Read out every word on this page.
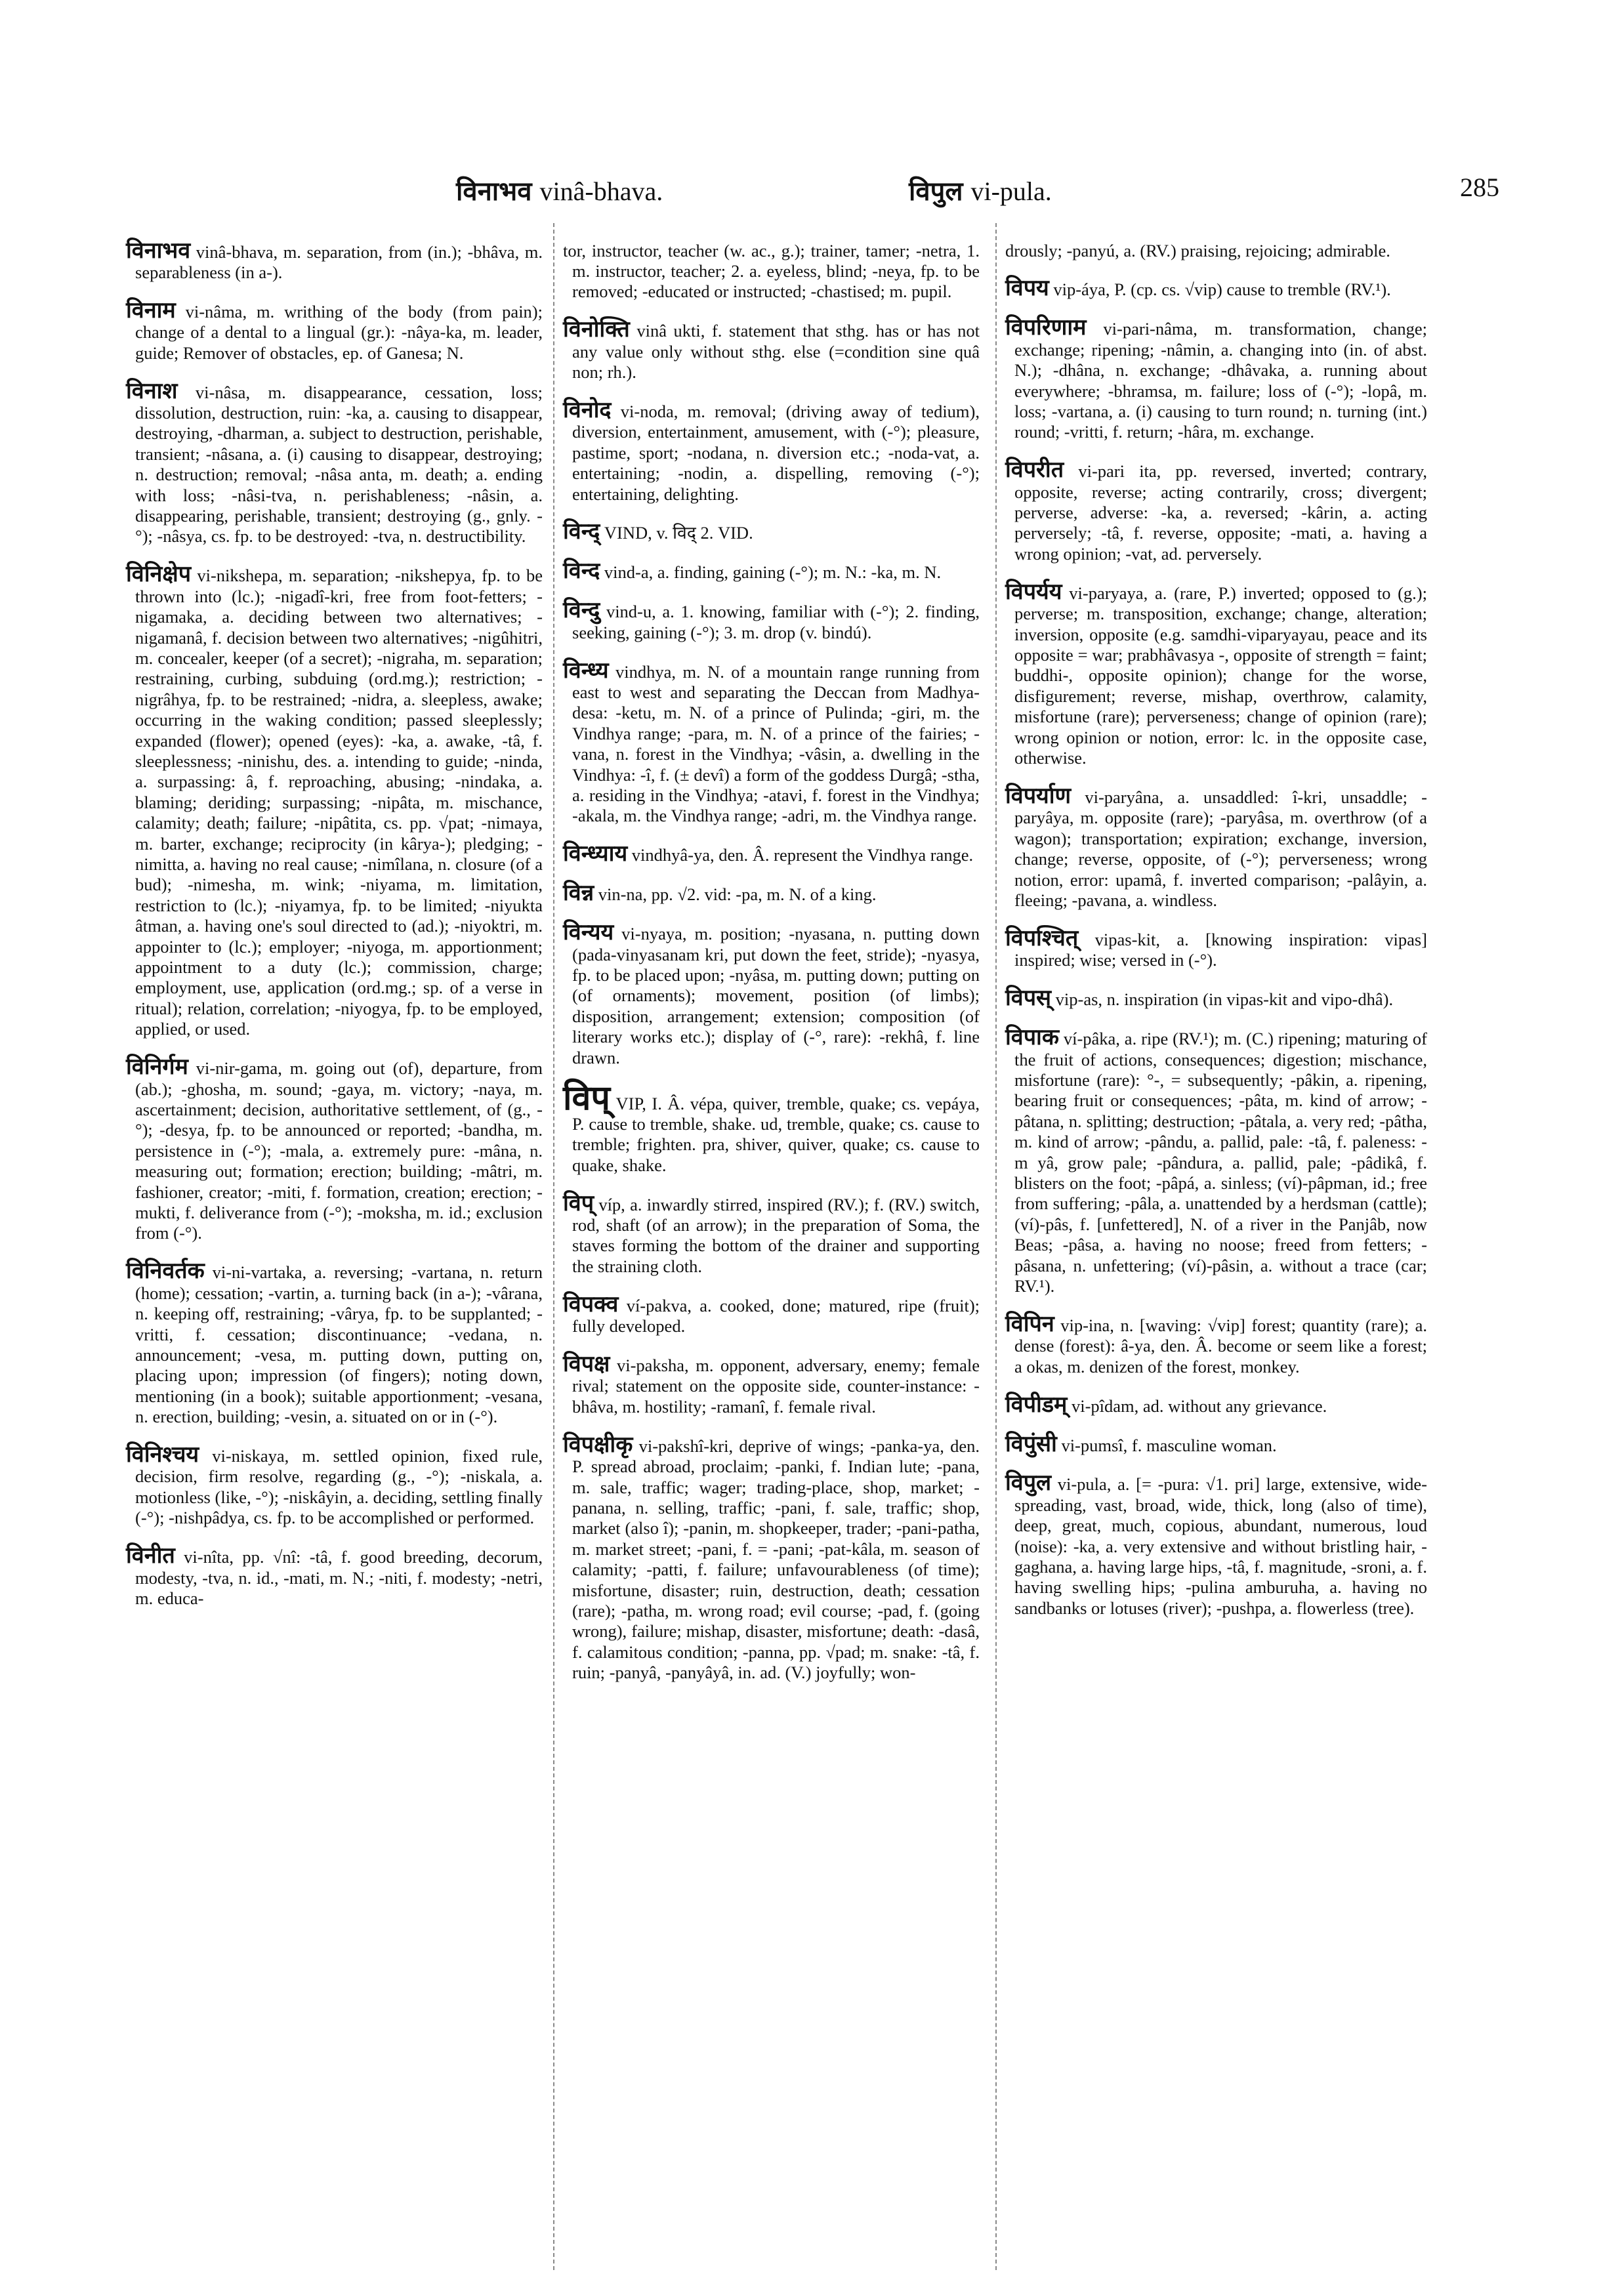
विनाभव vinâ-bhava.	विपुल vi-pula.	285

विनाभव vinâ-bhava, m. separation, from (in.); -bhâva, m. separableness (in a-).

विनाम vi-nâma, m. writhing of the body (from pain); change of a dental to a lingual (gr.): -nâya-ka, m. leader, guide; Remover of obstacles, ep. of Ganesa; N.

विनाश vi-nâsa, m. disappearance, cessation, loss; dissolution, destruction, ruin: -ka, a. causing to disappear, destroying, -dharman, a. subject to destruction, perishable, transient; -nâsana, a. (i) causing to disappear, destroying; n. destruction; removal; -nâsa anta, m. death; a. ending with loss; -nâsi-tva, n. perishableness; -nâsin, a. disappearing, perishable, transient; destroying (g., gnly. -°); -nâsya, cs. fp. to be destroyed: -tva, n. destructibility.

विनिक्षेप vi-nikshepa, m. separation; -nikshepya, fp. to be thrown into (lc.); -nigadî-kri, free from foot-fetters; -nigamaka, a. deciding between two alternatives; -nigamanâ, f. decision between two alternatives; -nigûhitri, m. concealer, keeper (of a secret); -nigraha, m. separation; restraining, curbing, subduing (ord.mg.); restriction; -nigrâhya, fp. to be restrained; -nidra, a. sleepless, awake; occurring in the waking condition; passed sleeplessly; expanded (flower); opened (eyes): -ka, a. awake, -tâ, f. sleeplessness; -ninishu, des. a. intending to guide; -ninda, a. surpassing: â, f. reproaching, abusing; -nindaka, a. blaming; deriding; surpassing; -nipâta, m. mischance, calamity; death; failure; -nipâtita, cs. pp. √pat; -nimaya, m. barter, exchange; reciprocity (in kârya-); pledging; -nimitta, a. having no real cause; -nimîlana, n. closure (of a bud); -nimesha, m. wink; -niyama, m. limitation, restriction to (lc.); -niyamya, fp. to be limited; -niyukta âtman, a. having one's soul directed to (ad.); -niyoktri, m. appointer to (lc.); employer; -niyoga, m. apportionment; appointment to a duty (lc.); commission, charge; employment, use, application (ord.mg.; sp. of a verse in ritual); relation, correlation; -niyogya, fp. to be employed, applied, or used.

विनिर्गम vi-nir-gama, m. going out (of), departure, from (ab.); -ghosha, m. sound; -gaya, m. victory; -naya, m. ascertainment; decision, authoritative settlement, of (g., -°); -desya, fp. to be announced or reported; -bandha, m. persistence in (-°); -mala, a. extremely pure: -mâna, n. measuring out; formation; erection; building; -mâtri, m. fashioner, creator; -miti, f. formation, creation; erection; -mukti, f. deliverance from (-°); -moksha, m. id.; exclusion from (-°).

विनिवर्तक vi-ni-vartaka, a. reversing; -vartana, n. return (home); cessation; -vartin, a. turning back (in a-); -vârana, n. keeping off, restraining; -vârya, fp. to be supplanted; -vritti, f. cessation; discontinuance; -vedana, n. announcement; -vesa, m. putting down, putting on, placing upon; impression (of fingers); noting down, mentioning (in a book); suitable apportionment; -vesana, n. erection, building; -vesin, a. situated on or in (-°).

विनिश्चय vi-niskaya, m. settled opinion, fixed rule, decision, firm resolve, regarding (g., -°); -niskala, a. motionless (like, -°); -niskâyin, a. deciding, settling finally (-°); -nishpâdya, cs. fp. to be accomplished or performed.

विनीत vi-nîta, pp. √nî: -tâ, f. good breeding, decorum, modesty, -tva, n. id., -mati, m. N.; -niti, f. modesty; -netri, m. educa-

tor, instructor, teacher (w. ac., g.); trainer, tamer; -netra, 1. m. instructor, teacher; 2. a. eyeless, blind; -neya, fp. to be removed; -educated or instructed; -chastised; m. pupil.

विनोक्ति vinâ ukti, f. statement that sthg. has or has not any value only without sthg. else (=condition sine quâ non; rh.).

विनोद vi-noda, m. removal; (driving away of tedium), diversion, entertainment, amusement, with (-°); pleasure, pastime, sport; -nodana, n. diversion etc.; -noda-vat, a. entertaining; -nodin, a. dispelling, removing (-°); entertaining, delighting.

विन्द् VIND, v. विद् 2. VID.

विन्द vind-a, a. finding, gaining (-°); m. N.: -ka, m. N.

विन्दु vind-u, a. 1. knowing, familiar with (-°); 2. finding, seeking, gaining (-°); 3. m. drop (v. bindú).

विन्ध्य vindhya, m. N. of a mountain range running from east to west and separating the Deccan from Madhya-desa: -ketu, m. N. of a prince of Pulinda; -giri, m. the Vindhya range; -para, m. N. of a prince of the fairies; -vana, n. forest in the Vindhya; -vâsin, a. dwelling in the Vindhya: -î, f. (± devî) a form of the goddess Durgâ; -stha, a. residing in the Vindhya; -atavi, f. forest in the Vindhya; -akala, m. the Vindhya range; -adri, m. the Vindhya range.

विन्ध्याय vindhyâ-ya, den. Â. represent the Vindhya range.

विन्न vin-na, pp. √2. vid: -pa, m. N. of a king.

विन्यय vi-nyaya, m. position; -nyasana, n. putting down (pada-vinyasanam kri, put down the feet, stride); -nyasya, fp. to be placed upon; -nyâsa, m. putting down; putting on (of ornaments); movement, position (of limbs); disposition, arrangement; extension; composition (of literary works etc.); display of (-°, rare): -rekhâ, f. line drawn.

विप् VIP, I. Â. vépa, quiver, tremble, quake; cs. vepáya, P. cause to tremble, shake. ud, tremble, quake; cs. cause to tremble; frighten. pra, shiver, quiver, quake; cs. cause to quake, shake.

विप् víp, a. inwardly stirred, inspired (RV.); f. (RV.) switch, rod, shaft (of an arrow); in the preparation of Soma, the staves forming the bottom of the drainer and supporting the straining cloth.

विपक्व ví-pakva, a. cooked, done; matured, ripe (fruit); fully developed.

विपक्ष vi-paksha, m. opponent, adversary, enemy; female rival; statement on the opposite side, counter-instance: -bhâva, m. hostility; -ramanî, f. female rival.

विपक्षीकृ vi-pakshî-kri, deprive of wings; -panka-ya, den. P. spread abroad, proclaim; -panki, f. Indian lute; -pana, m. sale, traffic; wager; trading-place, shop, market; -panana, n. selling, traffic; -pani, f. sale, traffic; shop, market (also î); -panin, m. shopkeeper, trader; -pani-patha, m. market street; -pani, f. = -pani; -pat-kâla, m. season of calamity; -patti, f. failure; unfavourableness (of time); misfortune, disaster; ruin, destruction, death; cessation (rare); -patha, m. wrong road; evil course; -pad, f. (going wrong), failure; mishap, disaster, misfortune; death: -dasâ, f. calamitous condition; -panna, pp. √pad; m. snake: -tâ, f. ruin; -panyâ, -panyâyâ, in. ad. (V.) joyfully; won-

drously; -panyú, a. (RV.) praising, rejoicing; admirable.

विपय vip-áya, P. (cp. cs. √vip) cause to tremble (RV.¹).

विपरिणाम vi-pari-nâma, m. transformation, change; exchange; ripening; -nâmin, a. changing into (in. of abst. N.); -dhâna, n. exchange; -dhâvaka, a. running about everywhere; -bhramsa, m. failure; loss of (-°); -lopâ, m. loss; -vartana, a. (i) causing to turn round; n. turning (int.) round; -vritti, f. return; -hâra, m. exchange.

विपरीत vi-pari ita, pp. reversed, inverted; contrary, opposite, reverse; acting contrarily, cross; divergent; perverse, adverse: -ka, a. reversed; -kârin, a. acting perversely; -tâ, f. reverse, opposite; -mati, a. having a wrong opinion; -vat, ad. perversely.

विपर्यय vi-paryaya, a. (rare, P.) inverted; opposed to (g.); perverse; m. transposition, exchange; change, alteration; inversion, opposite (e.g. samdhi-viparyayau, peace and its opposite = war; prabhâvasya -, opposite of strength = faint; buddhi-, opposite opinion); change for the worse, disfigurement; reverse, mishap, overthrow, calamity, misfortune (rare); perverseness; change of opinion (rare); wrong opinion or notion, error: lc. in the opposite case, otherwise.

विपर्याण vi-paryâna, a. unsaddled: î-kri, unsaddle; -paryâya, m. opposite (rare); -paryâsa, m. overthrow (of a wagon); transportation; expiration; exchange, inversion, change; reverse, opposite, of (-°); perverseness; wrong notion, error: upamâ, f. inverted comparison; -palâyin, a. fleeing; -pavana, a. windless.

विपश्चित् vipas-kit, a. [knowing inspiration: vipas] inspired; wise; versed in (-°).

विपस् vip-as, n. inspiration (in vipas-kit and vipo-dhâ).

विपाक ví-pâka, a. ripe (RV.¹); m. (C.) ripening; maturing of the fruit of actions, consequences; digestion; mischance, misfortune (rare): °-, = subsequently; -pâkin, a. ripening, bearing fruit or consequences; -pâta, m. kind of arrow; -pâtana, n. splitting; destruction; -pâtala, a. very red; -pâtha, m. kind of arrow; -pându, a. pallid, pale: -tâ, f. paleness: -m yâ, grow pale; -pândura, a. pallid, pale; -pâdikâ, f. blisters on the foot; -pâpá, a. sinless; (ví)-pâpman, id.; free from suffering; -pâla, a. unattended by a herdsman (cattle); (ví)-pâs, f. [unfettered], N. of a river in the Panjâb, now Beas; -pâsa, a. having no noose; freed from fetters; -pâsana, n. unfettering; (ví)-pâsin, a. without a trace (car; RV.¹).

विपिन vip-ina, n. [waving: √vip] forest; quantity (rare); a. dense (forest): â-ya, den. Â. become or seem like a forest; a okas, m. denizen of the forest, monkey.

विपीडम् vi-pîdam, ad. without any grievance.

विपुंसी vi-pumsî, f. masculine woman.

विपुल vi-pula, a. [= -pura: √1. pri] large, extensive, wide-spreading, vast, broad, wide, thick, long (also of time), deep, great, much, copious, abundant, numerous, loud (noise): -ka, a. very extensive and without bristling hair, -gaghana, a. having large hips, -tâ, f. magnitude, -sroni, a. f. having swelling hips; -pulina amburuha, a. having no sandbanks or lotuses (river); -pushpa, a. flowerless (tree).
